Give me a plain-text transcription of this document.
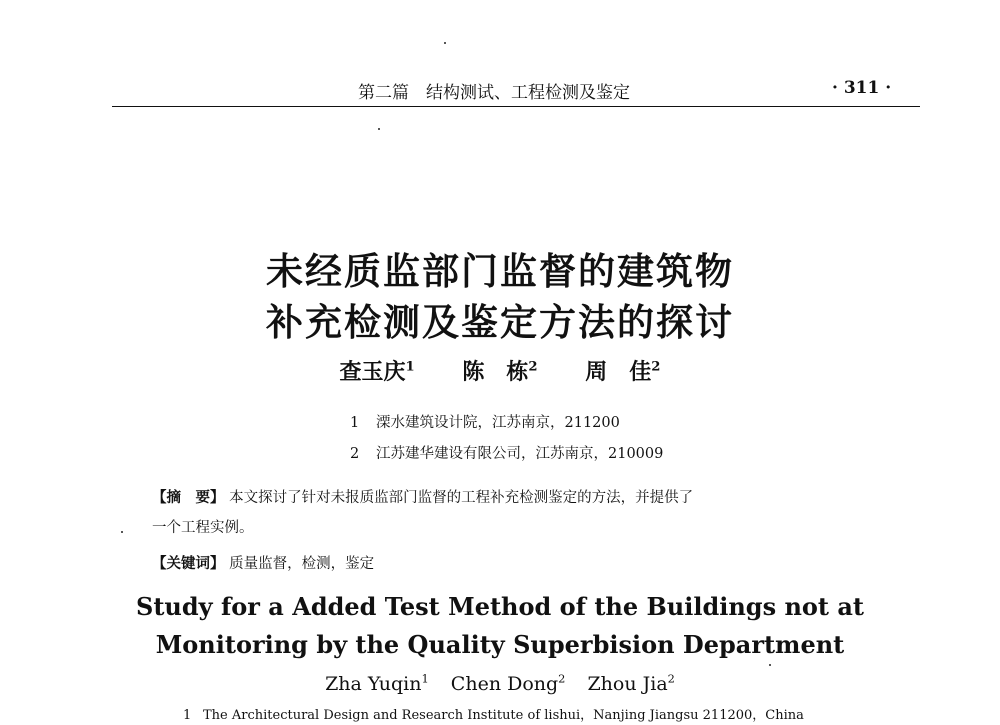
第二篇　结构测试、工程检测及鉴定	· 311 ·
未经质监部门监督的建筑物
补充检测及鉴定方法的探讨
查玉庆$^1$ 陈　栋$^2$ 周　佳$^2$
1 溧水建筑设计院，江苏南京，211200
2 江苏建华建设有限公司，江苏南京，210009
【摘　要】 本文探讨了针对未报质监部门监督的工程补充检测鉴定的方法，并提供了
一个工程实例。
【关键词】 质量监督，检测，鉴定
Study for a Added Test Method of the Buildings not at
Monitoring by the Quality Superbision Department
Zha Yuqin$^1$ Chen Dong$^2$ Zhou Jia$^2$
1 The Architectural Design and Research Institute of lishui，Nanjing Jiangsu 211200，China
